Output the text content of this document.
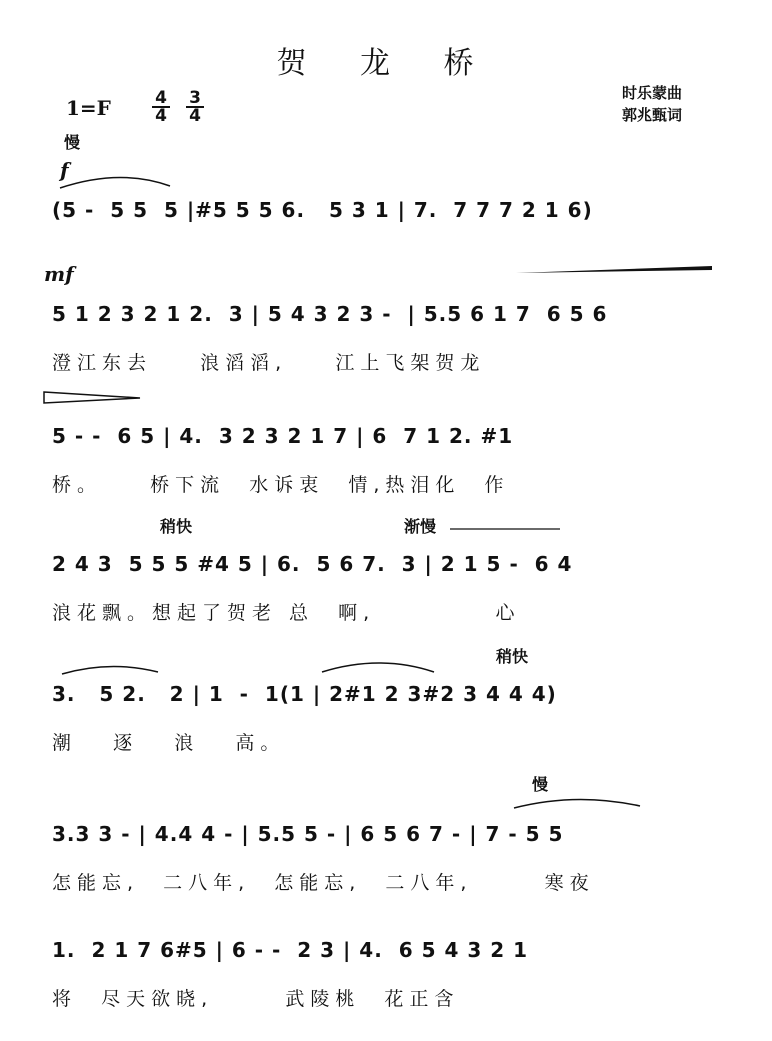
贺 龙 桥
时乐蒙曲
郭兆甄词
$1=F \frac{4}{4} \frac{3}{4}$
慢
f
mf
稍快	渐慢
稍快
慢
(5 -  5 5  5 |#5 5 5 6.   5 3 1 | 7.  7 7 7 2 1 6)
5 1 2 3 2 1 2.  3 | 5 4 3 2 3 -  | 5.5 6 1 7  6 5 6
澄江东去    浪滔滔,    江上飞架贺龙
5 - -  6 5 | 4.  3 2 3 2 1 7 | 6  7 1 2. #1
桥。    桥下流  水诉衷  情,热泪化  作
2 4 3  5 5 5 #4 5 | 6.  5 6 7.  3 | 2 1 5 -  6 4
浪花飘。想起了贺老 总  啊,          心
3.   5 2.   2 | 1  -  1(1 | 2#1 2 3#2 3 4 4 4)
潮   逐   浪   高。
3.3 3 - | 4.4 4 - | 5.5 5 - | 6 5 6 7 - | 7 - 5 5
怎能忘,  二八年,  怎能忘,  二八年,      寒夜
1.  2 1 7 6#5 | 6 - -  2 3 | 4.  6 5 4 3 2 1
将  尽天欲晓,      武陵桃  花正含
